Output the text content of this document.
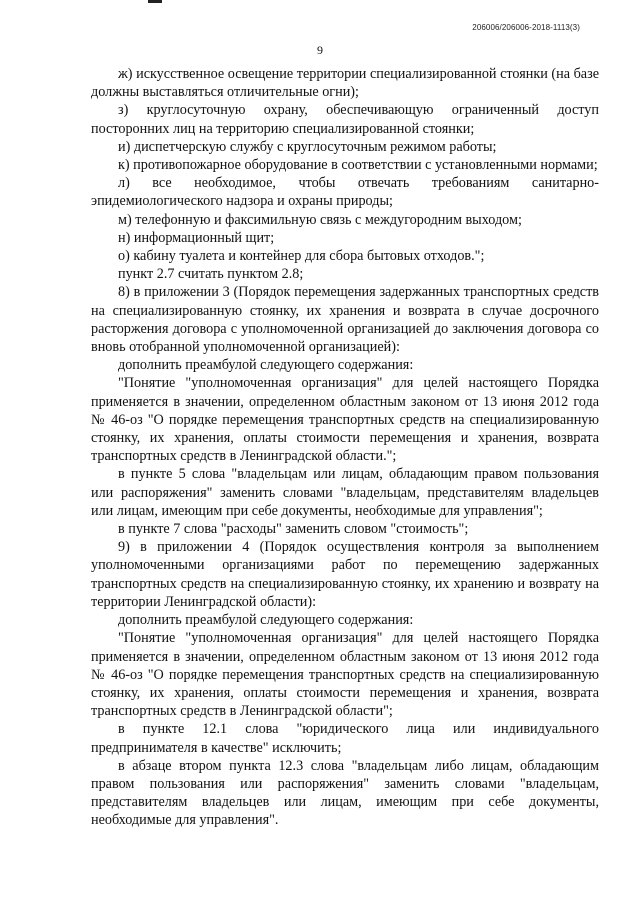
206006/206006-2018-1113(3)
9

ж) искусственное освещение территории специализированной стоянки (на базе должны выставляться отличительные огни);

з) круглосуточную охрану, обеспечивающую ограниченный доступ посторонних лиц на территорию специализированной стоянки;

и) диспетчерскую службу с круглосуточным режимом работы;

к) противопожарное оборудование в соответствии с установленными нормами;

л) все необходимое, чтобы отвечать требованиям санитарно-эпидемиологического надзора и охраны природы;

м) телефонную и факсимильную связь с междугородним выходом;

н) информационный щит;

о) кабину туалета и контейнер для сбора бытовых отходов.";

пункт 2.7 считать пунктом 2.8;

8) в приложении 3 (Порядок перемещения задержанных транспортных средств на специализированную стоянку, их хранения и возврата в случае досрочного расторжения договора с уполномоченной организацией до заключения договора со вновь отобранной уполномоченной организацией):

дополнить преамбулой следующего содержания:

"Понятие "уполномоченная организация" для целей настоящего Порядка применяется в значении, определенном областным законом от 13 июня 2012 года № 46-оз "О порядке перемещения транспортных средств на специализированную стоянку, их хранения, оплаты стоимости перемещения и хранения, возврата транспортных средств в Ленинградской области.";

в пункте 5 слова "владельцам или лицам, обладающим правом пользования или распоряжения" заменить словами "владельцам, представителям владельцев или лицам, имеющим при себе документы, необходимые для управления";

в пункте 7 слова "расходы" заменить словом "стоимость";

9) в приложении 4 (Порядок осуществления контроля за выполнением уполномоченными организациями работ по перемещению задержанных транспортных средств на специализированную стоянку, их хранению и возврату на территории Ленинградской области):

дополнить преамбулой следующего содержания:

"Понятие "уполномоченная организация" для целей настоящего Порядка применяется в значении, определенном областным законом от 13 июня 2012 года № 46-оз "О порядке перемещения транспортных средств на специализированную стоянку, их хранения, оплаты стоимости перемещения и хранения, возврата транспортных средств в Ленинградской области";

в пункте 12.1 слова "юридического лица или индивидуального предпринимателя в качестве" исключить;

в абзаце втором пункта 12.3 слова "владельцам либо лицам, обладающим правом пользования или распоряжения" заменить словами "владельцам, представителям владельцев или лицам, имеющим при себе документы, необходимые для управления".
